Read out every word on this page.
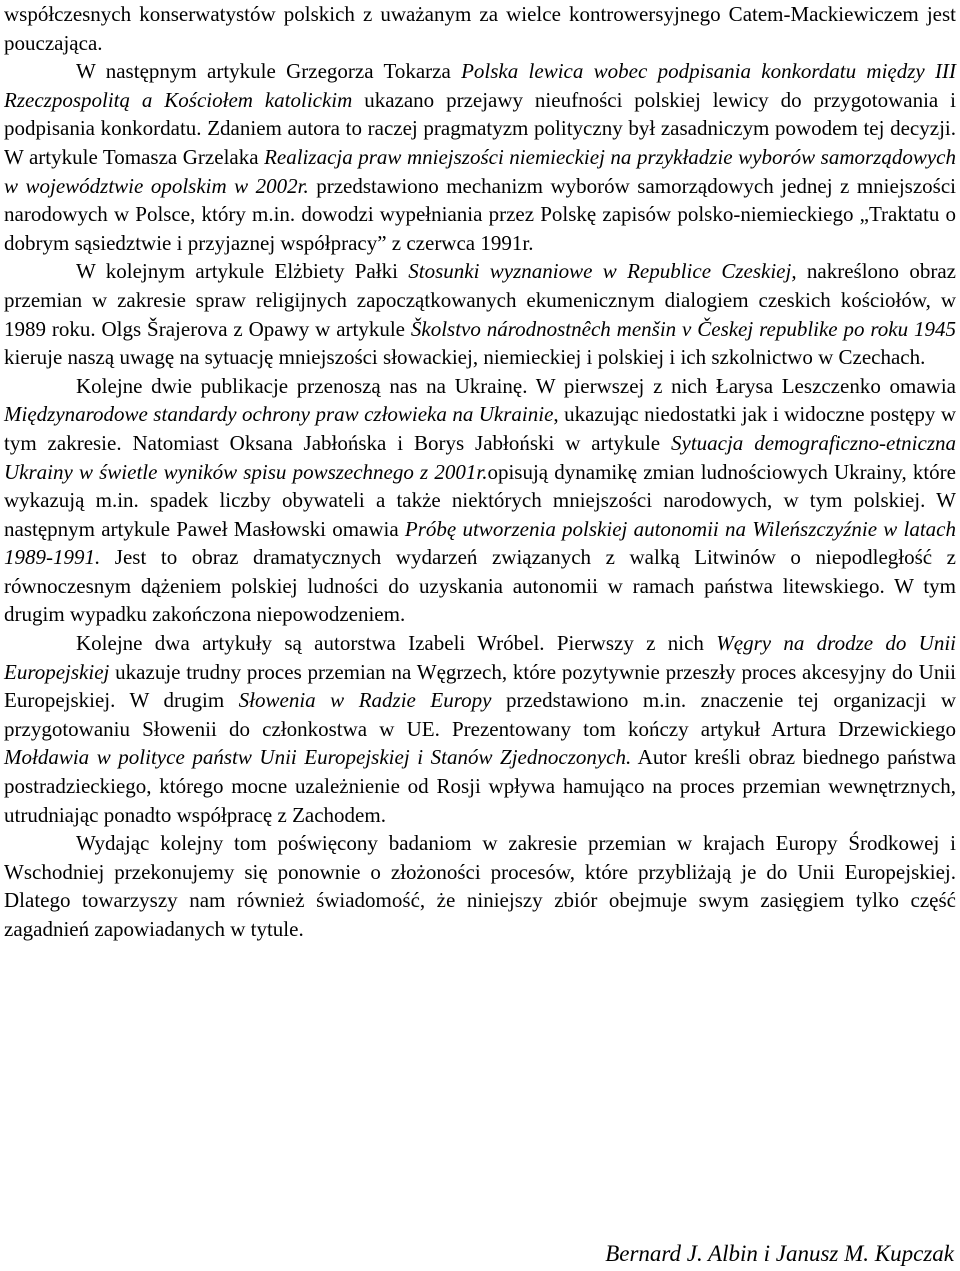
współczesnych konserwatystów polskich z uważanym za wielce kontrowersyjnego Catem-Mackiewiczem jest pouczająca.

W następnym artykule Grzegorza Tokarza Polska lewica wobec podpisania konkordatu między III Rzeczpospolitą a Kościołem katolickim ukazano przejawy nieufności polskiej lewicy do przygotowania i podpisania konkordatu. Zdaniem autora to raczej pragmatyzm polityczny był zasadniczym powodem tej decyzji. W artykule Tomasza Grzelaka Realizacja praw mniejszości niemieckiej na przykładzie wyborów samorządowych w województwie opolskim w 2002r. przedstawiono mechanizm wyborów samorządowych jednej z mniejszości narodowych w Polsce, który m.in. dowodzi wypełniania przez Polskę zapisów polsko-niemieckiego „Traktatu o dobrym sąsiedztwie i przyjaznej współpracy” z czerwca 1991r.

W kolejnym artykule Elżbiety Pałki Stosunki wyznaniowe w Republice Czeskiej, nakreślono obraz przemian w zakresie spraw religijnych zapoczątkowanych ekumenicznym dialogiem czeskich kościołów, w 1989 roku. Olgs Šrajerova z Opawy w artykule Školstvo národnostnêch menšin v Českej republike po roku 1945 kieruje naszą uwagę na sytuację mniejszości słowackiej, niemieckiej i polskiej i ich szkolnictwo w Czechach.

Kolejne dwie publikacje przenoszą nas na Ukrainę. W pierwszej z nich Łarysa Leszczenko omawia Międzynarodowe standardy ochrony praw człowieka na Ukrainie, ukazując niedostatki jak i widoczne postępy w tym zakresie. Natomiast Oksana Jabłońska i Borys Jabłoński w artykule Sytuacja demograficzno-etniczna Ukrainy w świetle wyników spisu powszechnego z 2001r.opisują dynamikę zmian ludnościowych Ukrainy, które wykazują m.in. spadek liczby obywateli a także niektórych mniejszości narodowych, w tym polskiej. W następnym artykule Paweł Masłowski omawia Próbę utworzenia polskiej autonomii na Wileńszczyźnie w latach 1989-1991. Jest to obraz dramatycznych wydarzeń związanych z walką Litwinów o niepodległość z równoczesnym dążeniem polskiej ludności do uzyskania autonomii w ramach państwa litewskiego. W tym drugim wypadku zakończona niepowodzeniem.

Kolejne dwa artykuły są autorstwa Izabeli Wróbel. Pierwszy z nich Węgry na drodze do Unii Europejskiej ukazuje trudny proces przemian na Węgrzech, które pozytywnie przeszły proces akcesyjny do Unii Europejskiej. W drugim Słowenia w Radzie Europy przedstawiono m.in. znaczenie tej organizacji w przygotowaniu Słowenii do członkostwa w UE. Prezentowany tom kończy artykuł Artura Drzewickiego Mołdawia w polityce państw Unii Europejskiej i Stanów Zjednoczonych. Autor kreśli obraz biednego państwa postradzieckiego, którego mocne uzależnienie od Rosji wpływa hamująco na proces przemian wewnętrznych, utrudniając ponadto współpracę z Zachodem.

Wydając kolejny tom poświęcony badaniom w zakresie przemian w krajach Europy Środkowej i Wschodniej przekonujemy się ponownie o złożoności procesów, które przybliżają je do Unii Europejskiej. Dlatego towarzyszy nam również świadomość, że niniejszy zbiór obejmuje swym zasięgiem tylko część zagadnień zapowiadanych w tytule.

Bernard J. Albin i Janusz M. Kupczak
